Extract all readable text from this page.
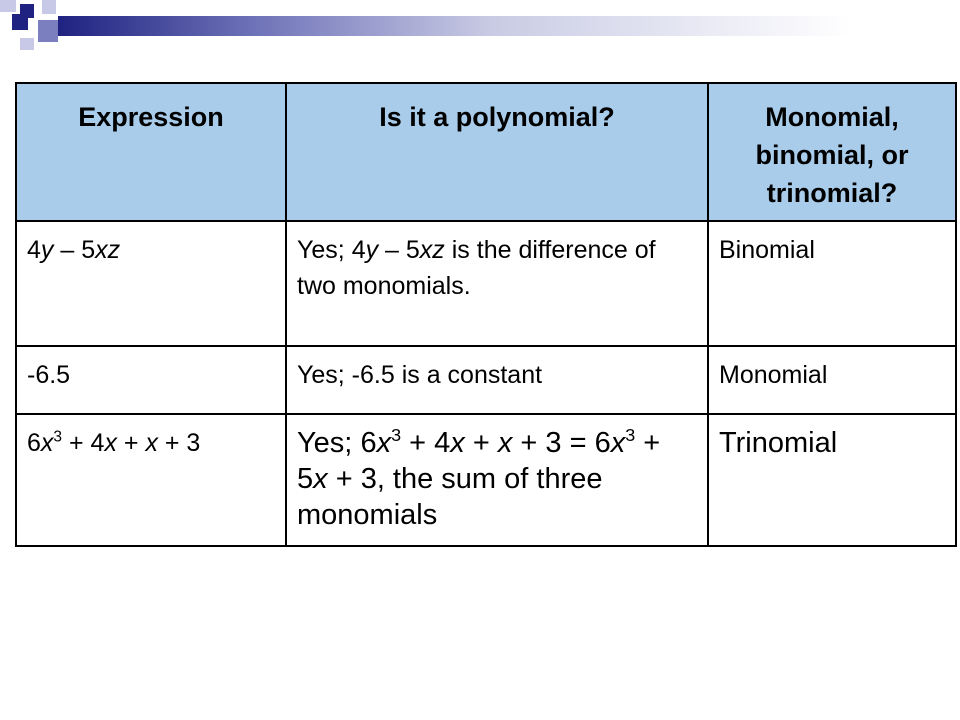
Expression	Is it a polynomial?	Monomial, binomial, or trinomial?
4y – 5xz	Yes; 4y – 5xz is the difference of two monomials.	Binomial
-6.5	Yes; -6.5 is a constant	Monomial
$6x^3 + 4x + x + 3$	Yes; $6x^3 + 4x + x + 3 = 6x^3 + 5x + 3$, the sum of three monomials	Trinomial
